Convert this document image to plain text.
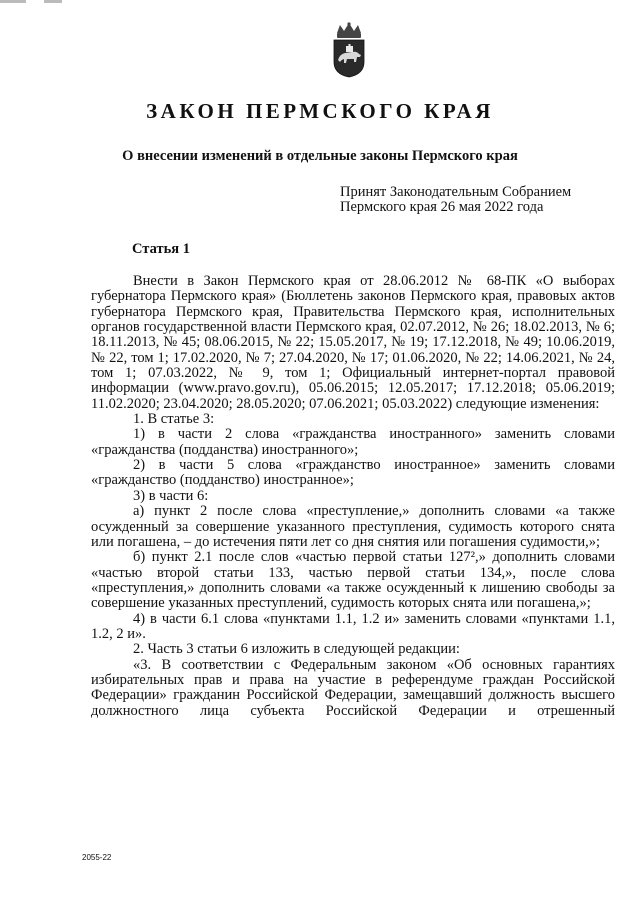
ЗАКОН ПЕРМСКОГО КРАЯ
О внесении изменений в отдельные законы Пермского края
Принят Законодательным Собранием
Пермского края 26 мая 2022 года
Статья 1

Внести в Закон Пермского края от 28.06.2012 № 68-ПК «О выборах губернатора Пермского края» (Бюллетень законов Пермского края, правовых актов губернатора Пермского края, Правительства Пермского края, исполнительных органов государственной власти Пермского края, 02.07.2012, № 26; 18.02.2013, № 6; 18.11.2013, № 45; 08.06.2015, № 22; 15.05.2017, № 19; 17.12.2018, № 49; 10.06.2019, № 22, том 1; 17.02.2020, № 7; 27.04.2020, № 17; 01.06.2020, № 22; 14.06.2021, № 24, том 1; 07.03.2022, № 9, том 1; Официальный интернет-портал правовой информации (www.pravo.gov.ru), 05.06.2015; 12.05.2017; 17.12.2018; 05.06.2019; 11.02.2020; 23.04.2020; 28.05.2020; 07.06.2021; 05.03.2022) следующие изменения:

1. В статье 3:

1) в части 2 слова «гражданства иностранного» заменить словами «гражданства (подданства) иностранного»;

2) в части 5 слова «гражданство иностранное» заменить словами «гражданство (подданство) иностранное»;

3) в части 6:

а) пункт 2 после слова «преступление,» дополнить словами «а также осужденный за совершение указанного преступления, судимость которого снята или погашена, – до истечения пяти лет со дня снятия или погашения судимости,»;

б) пункт 2.1 после слов «частью первой статьи 127²,» дополнить словами «частью второй статьи 133, частью первой статьи 134,», после слова «преступления,» дополнить словами «а также осужденный к лишению свободы за совершение указанных преступлений, судимость которых снята или погашена,»;

4) в части 6.1 слова «пунктами 1.1, 1.2 и» заменить словами «пунктами 1.1, 1.2, 2 и».

2. Часть 3 статьи 6 изложить в следующей редакции:

«3. В соответствии с Федеральным законом «Об основных гарантиях избирательных прав и права на участие в референдуме граждан Российской Федерации» гражданин Российской Федерации, замещавший должность высшего должностного лица субъекта Российской Федерации и отрешенный

2055-22
